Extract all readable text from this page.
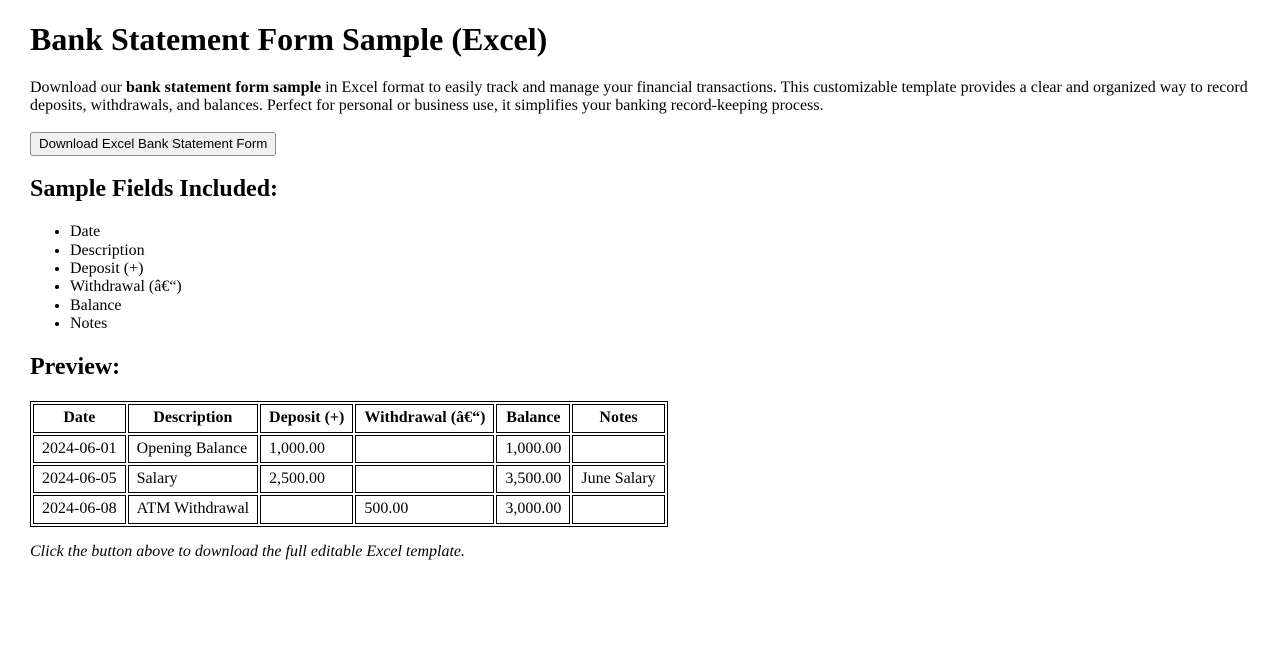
Bank Statement Form Sample (Excel)

Download our bank statement form sample in Excel format to easily track and manage your financial transactions. This customizable template provides a clear and organized way to record deposits, withdrawals, and balances. Perfect for personal or business use, it simplifies your banking record-keeping process.

Download Excel Bank Statement Form
Sample Fields Included:
• Date
• Description
• Deposit (+)
• Withdrawal (â€“)
• Balance
• Notes
Preview:
Date	Description	Deposit (+)	Withdrawal (â€“)	Balance	Notes
2024-06-01	Opening Balance	1,000.00		1,000.00	
2024-06-05	Salary	2,500.00		3,500.00	June Salary
2024-06-08	ATM Withdrawal		500.00	3,000.00	

Click the button above to download the full editable Excel template.
